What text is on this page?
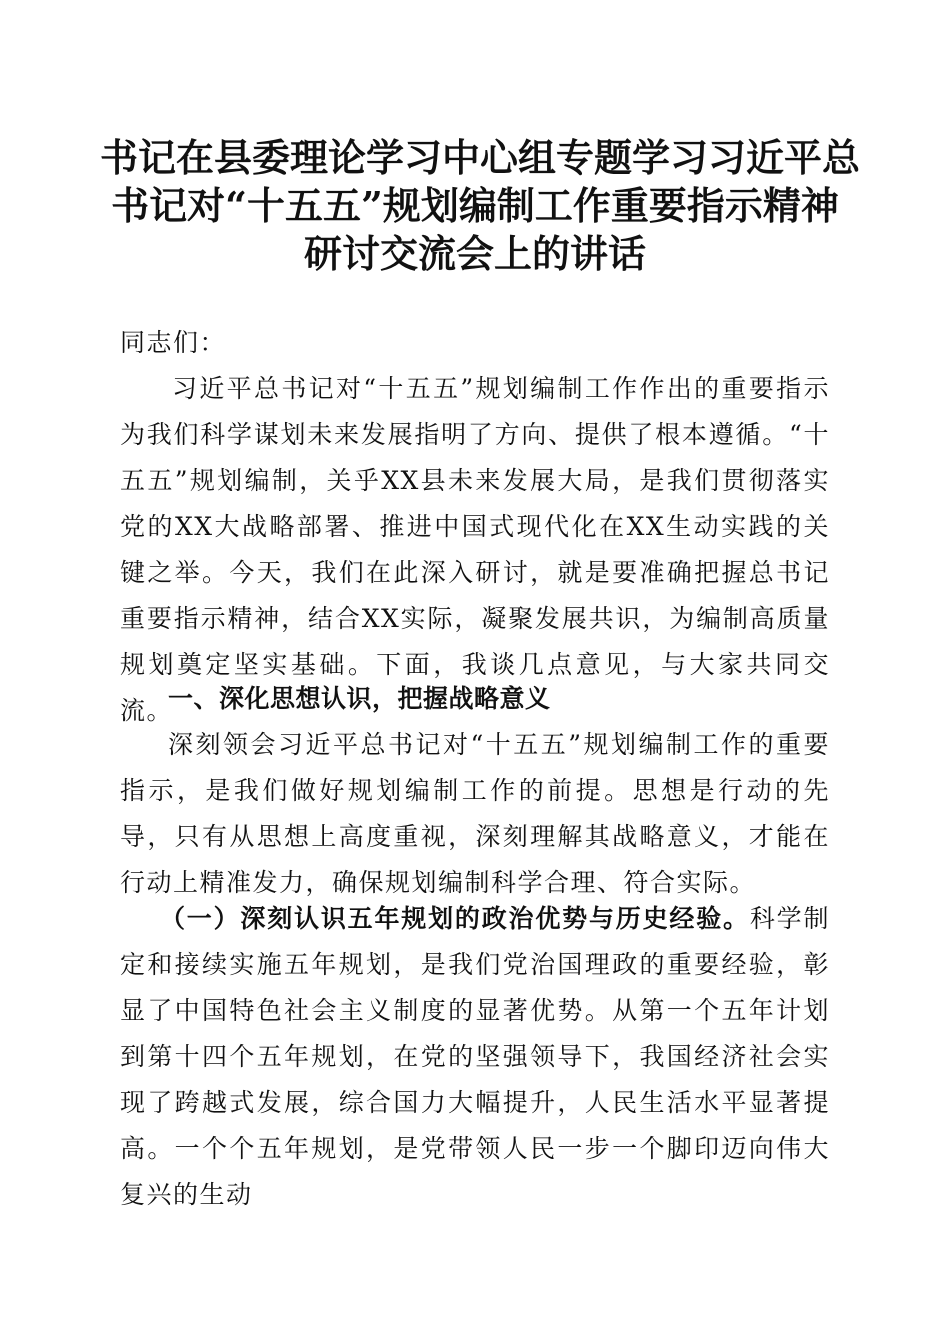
书记在县委理论学习中心组专题学习习近平总
书记对“十五五”规划编制工作重要指示精神
研讨交流会上的讲话
同志们：
习近平总书记对“十五五”规划编制工作作出的重要指示为我们科学谋划未来发展指明了方向、提供了根本遵循。“十五五”规划编制，关乎XX县未来发展大局，是我们贯彻落实党的XX大战略部署、推进中国式现代化在XX生动实践的关键之举。今天，我们在此深入研讨，就是要准确把握总书记重要指示精神，结合XX实际，凝聚发展共识，为编制高质量规划奠定坚实基础。下面，我谈几点意见，与大家共同交流。
一、深化思想认识，把握战略意义
深刻领会习近平总书记对“十五五”规划编制工作的重要指示，是我们做好规划编制工作的前提。思想是行动的先导，只有从思想上高度重视，深刻理解其战略意义，才能在行动上精准发力，确保规划编制科学合理、符合实际。
（一）深刻认识五年规划的政治优势与历史经验。科学制定和接续实施五年规划，是我们党治国理政的重要经验，彰显了中国特色社会主义制度的显著优势。从第一个五年计划到第十四个五年规划，在党的坚强领导下，我国经济社会实现了跨越式发展，综合国力大幅提升，人民生活水平显著提高。一个个五年规划，是党带领人民一步一个脚印迈向伟大复兴的生动
